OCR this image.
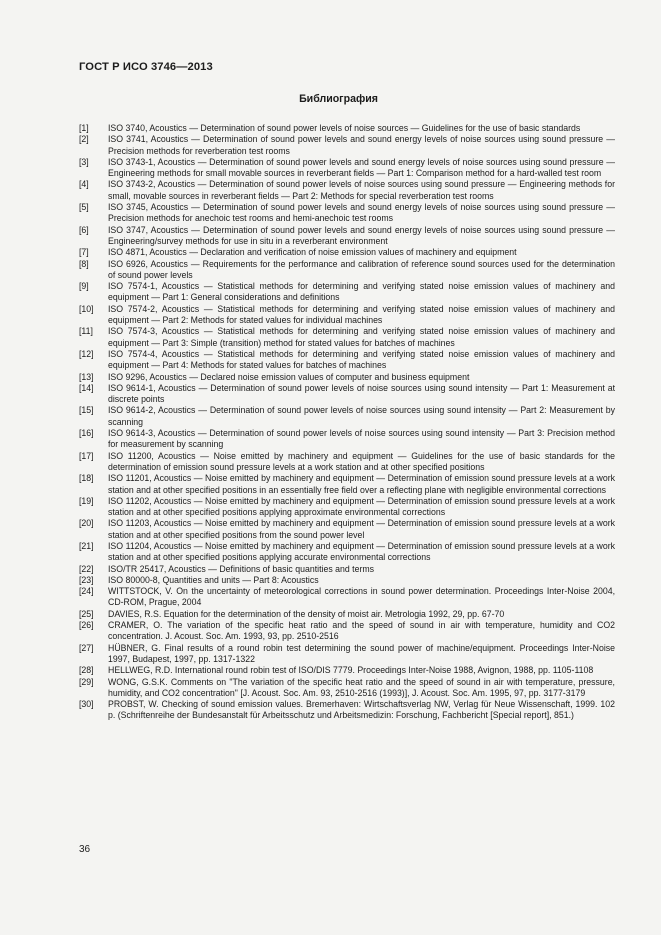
ГОСТ Р ИСО 3746—2013
Библиография
[1]	ISO 3740, Acoustics — Determination of sound power levels of noise sources — Guidelines for the use of basic standards
[2]	ISO 3741, Acoustics — Determination of sound power levels and sound energy levels of noise sources using sound pressure — Precision methods for reverberation test rooms
[3]	ISO 3743-1, Acoustics — Determination of sound power levels and sound energy levels of noise sources using sound pressure — Engineering methods for small movable sources in reverberant fields — Part 1: Comparison method for a hard-walled test room
[4]	ISO 3743-2, Acoustics — Determination of sound power levels of noise sources using sound pressure — Engineering methods for small, movable sources in reverberant fields — Part 2: Methods for special reverberation test rooms
[5]	ISO 3745, Acoustics — Determination of sound power levels and sound energy levels of noise sources using sound pressure — Precision methods for anechoic test rooms and hemi-anechoic test rooms
[6]	ISO 3747, Acoustics — Determination of sound power levels and sound energy levels of noise sources using sound pressure — Engineering/survey methods for use in situ in a reverberant environment
[7]	ISO 4871, Acoustics — Declaration and verification of noise emission values of machinery and equipment
[8]	ISO 6926, Acoustics — Requirements for the performance and calibration of reference sound sources used for the determination of sound power levels
[9]	ISO 7574-1, Acoustics — Statistical methods for determining and verifying stated noise emission values of machinery and equipment — Part 1: General considerations and definitions
[10]	ISO 7574-2, Acoustics — Statistical methods for determining and verifying stated noise emission values of machinery and equipment — Part 2: Methods for stated values for individual machines
[11]	ISO 7574-3, Acoustics — Statistical methods for determining and verifying stated noise emission values of machinery and equipment — Part 3: Simple (transition) method for stated values for batches of machines
[12]	ISO 7574-4, Acoustics — Statistical methods for determining and verifying stated noise emission values of machinery and equipment — Part 4: Methods for stated values for batches of machines
[13]	ISO 9296, Acoustics — Declared noise emission values of computer and business equipment
[14]	ISO 9614-1, Acoustics — Determination of sound power levels of noise sources using sound intensity — Part 1: Measurement at discrete points
[15]	ISO 9614-2, Acoustics — Determination of sound power levels of noise sources using sound intensity — Part 2: Measurement by scanning
[16]	ISO 9614-3, Acoustics — Determination of sound power levels of noise sources using sound intensity — Part 3: Precision method for measurement by scanning
[17]	ISO 11200, Acoustics — Noise emitted by machinery and equipment — Guidelines for the use of basic standards for the determination of emission sound pressure levels at a work station and at other specified positions
[18]	ISO 11201, Acoustics — Noise emitted by machinery and equipment — Determination of emission sound pressure levels at a work station and at other specified positions in an essentially free field over a reflecting plane with negligible environmental corrections
[19]	ISO 11202, Acoustics — Noise emitted by machinery and equipment — Determination of emission sound pressure levels at a work station and at other specified positions applying approximate environmental corrections
[20]	ISO 11203, Acoustics — Noise emitted by machinery and equipment — Determination of emission sound pressure levels at a work station and at other specified positions from the sound power level
[21]	ISO 11204, Acoustics — Noise emitted by machinery and equipment — Determination of emission sound pressure levels at a work station and at other specified positions applying accurate environmental corrections
[22]	ISO/TR 25417, Acoustics — Definitions of basic quantities and terms
[23]	ISO 80000-8, Quantities and units — Part 8: Acoustics
[24]	WITTSTOCK, V. On the uncertainty of meteorological corrections in sound power determination. Proceedings Inter-Noise 2004, CD-ROM, Prague, 2004
[25]	DAVIES, R.S. Equation for the determination of the density of moist air. Metrologia 1992, 29, pp. 67-70
[26]	CRAMER, O. The variation of the specific heat ratio and the speed of sound in air with temperature, humidity and CO2 concentration. J. Acoust. Soc. Am. 1993, 93, pp. 2510-2516
[27]	HÜBNER, G. Final results of a round robin test determining the sound power of machine/equipment. Proceedings Inter-Noise 1997, Budapest, 1997, pp. 1317-1322
[28]	HELLWEG, R.D. International round robin test of ISO/DIS 7779. Proceedings Inter-Noise 1988, Avignon, 1988, pp. 1105-1108
[29]	WONG, G.S.K. Comments on "The variation of the specific heat ratio and the speed of sound in air with temperature, pressure, humidity, and CO2 concentration" [J. Acoust. Soc. Am. 93, 2510-2516 (1993)], J. Acoust. Soc. Am. 1995, 97, pp. 3177-3179
[30]	PROBST, W. Checking of sound emission values. Bremerhaven: Wirtschaftsverlag NW, Verlag für Neue Wissenschaft, 1999. 102 p. (Schriftenreihe der Bundesanstalt für Arbeitsschutz und Arbeitsmedizin: Forschung, Fachbericht [Special report], 851.)
36
